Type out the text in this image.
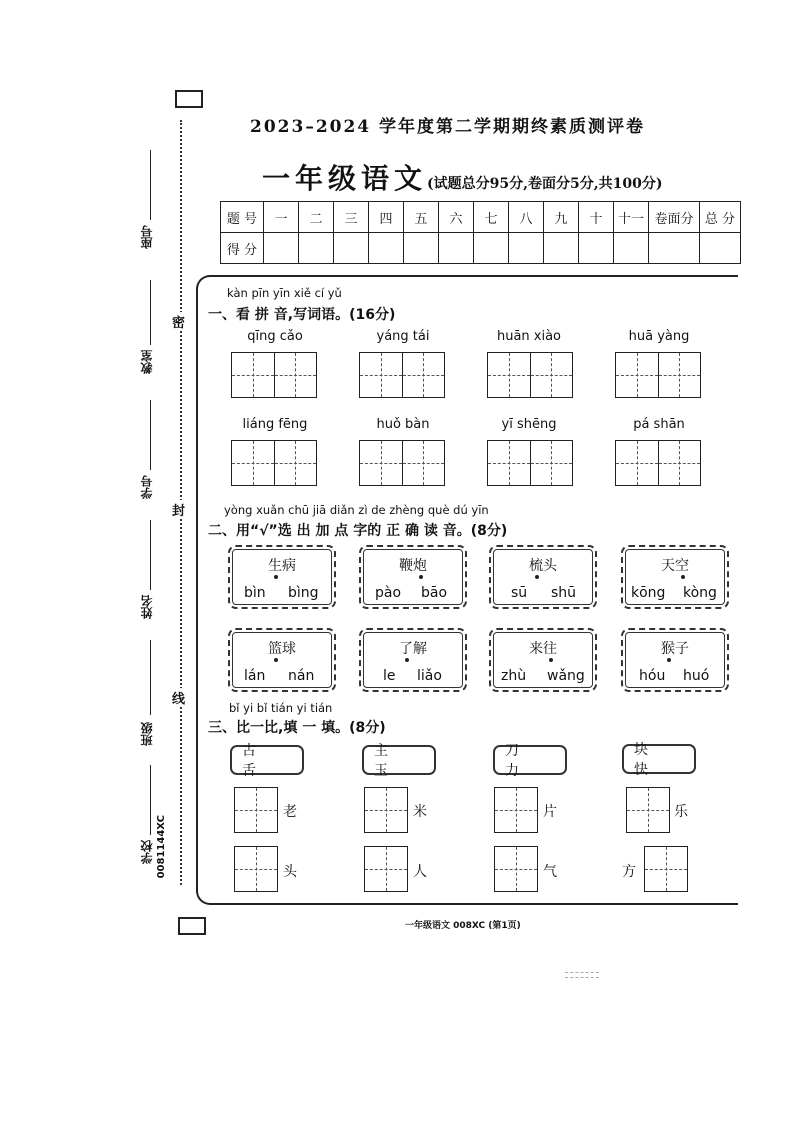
2023–2024 学年度第二学期期终素质测评卷
一年级语文(试题总分95分,卷面分5分,共100分)
题 号	一	二	三	四	五	六	七	八	九	十	十一	卷面分	总 分
得 分													
密
封
线
座号
教室
学号
姓名
班级
学校 0081144XC
kàn pīn yīn xiě cí yǔ
一、看 拼 音,写词语。(16分)
qīng cǎo	yáng tái	huān xiào	huā yàng
liáng fēng	huǒ bàn	yī shēng	pá shān
yòng xuǎn chū jiā diǎn zì de zhèng què dú yīn
二、用“√”选 出 加 点 字的 正 确 读 音。(8分)
生病
bìn bìng
鞭炮
pào bāo
梳头
sū shū
天空
kōng kòng
篮球
lán nán
了解
le liǎo
来往
zhù wǎng
猴子
hóu huó
bǐ yi bǐ tián yi tián
三、比一比,填 一 填。(8分)
古 舌
主 玉
刀 力
块 快
老	米	片	乐
头	人	气	方
一年级语文 008XC (第1页)
